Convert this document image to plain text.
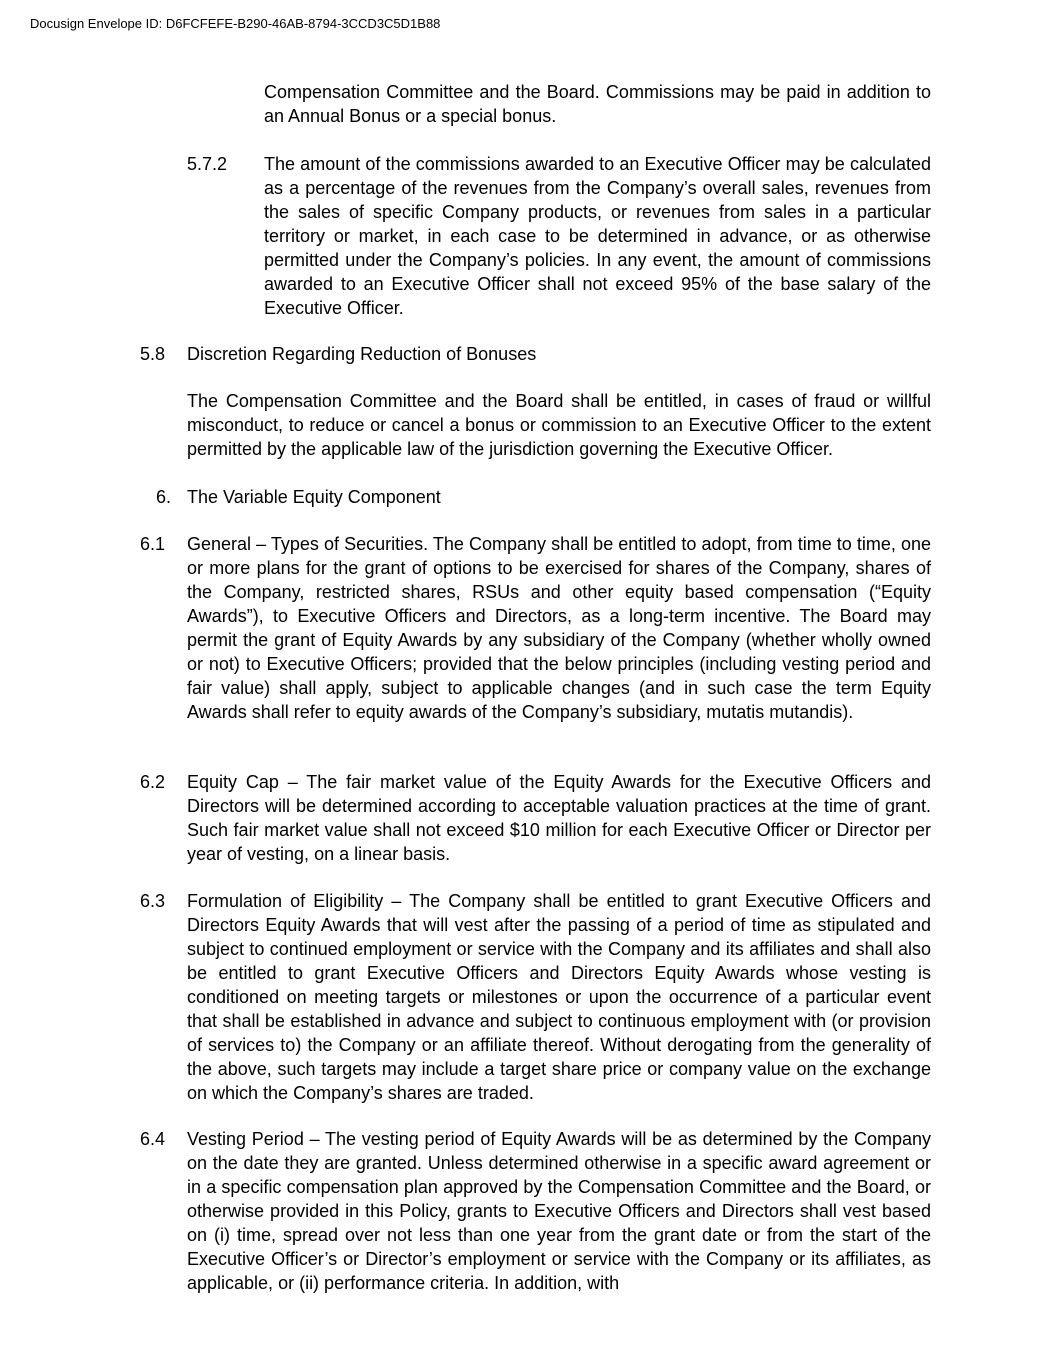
Docusign Envelope ID: D6FCFEFE-B290-46AB-8794-3CCD3C5D1B88

Compensation Committee and the Board. Commissions may be paid in addition to an Annual Bonus or a special bonus.

5.7.2 The amount of the commissions awarded to an Executive Officer may be calculated as a percentage of the revenues from the Company’s overall sales, revenues from the sales of specific Company products, or revenues from sales in a particular territory or market, in each case to be determined in advance, or as otherwise permitted under the Company’s policies. In any event, the amount of commissions awarded to an Executive Officer shall not exceed 95% of the base salary of the Executive Officer.

5.8 Discretion Regarding Reduction of Bonuses

The Compensation Committee and the Board shall be entitled, in cases of fraud or willful misconduct, to reduce or cancel a bonus or commission to an Executive Officer to the extent permitted by the applicable law of the jurisdiction governing the Executive Officer.

6. The Variable Equity Component
6.1 General – Types of Securities. The Company shall be entitled to adopt, from time to time, one or more plans for the grant of options to be exercised for shares of the Company, shares of the Company, restricted shares, RSUs and other equity based compensation (“Equity Awards”), to Executive Officers and Directors, as a long-term incentive. The Board may permit the grant of Equity Awards by any subsidiary of the Company (whether wholly owned or not) to Executive Officers; provided that the below principles (including vesting period and fair value) shall apply, subject to applicable changes (and in such case the term Equity Awards shall refer to equity awards of the Company’s subsidiary, mutatis mutandis).

6.2 Equity Cap – The fair market value of the Equity Awards for the Executive Officers and Directors will be determined according to acceptable valuation practices at the time of grant. Such fair market value shall not exceed $10 million for each Executive Officer or Director per year of vesting, on a linear basis.

6.3 Formulation of Eligibility – The Company shall be entitled to grant Executive Officers and Directors Equity Awards that will vest after the passing of a period of time as stipulated and subject to continued employment or service with the Company and its affiliates and shall also be entitled to grant Executive Officers and Directors Equity Awards whose vesting is conditioned on meeting targets or milestones or upon the occurrence of a particular event that shall be established in advance and subject to continuous employment with (or provision of services to) the Company or an affiliate thereof. Without derogating from the generality of the above, such targets may include a target share price or company value on the exchange on which the Company’s shares are traded.

6.4 Vesting Period – The vesting period of Equity Awards will be as determined by the Company on the date they are granted. Unless determined otherwise in a specific award agreement or in a specific compensation plan approved by the Compensation Committee and the Board, or otherwise provided in this Policy, grants to Executive Officers and Directors shall vest based on (i) time, spread over not less than one year from the grant date or from the start of the Executive Officer’s or Director’s employment or service with the Company or its affiliates, as applicable, or (ii) performance criteria. In addition, with
